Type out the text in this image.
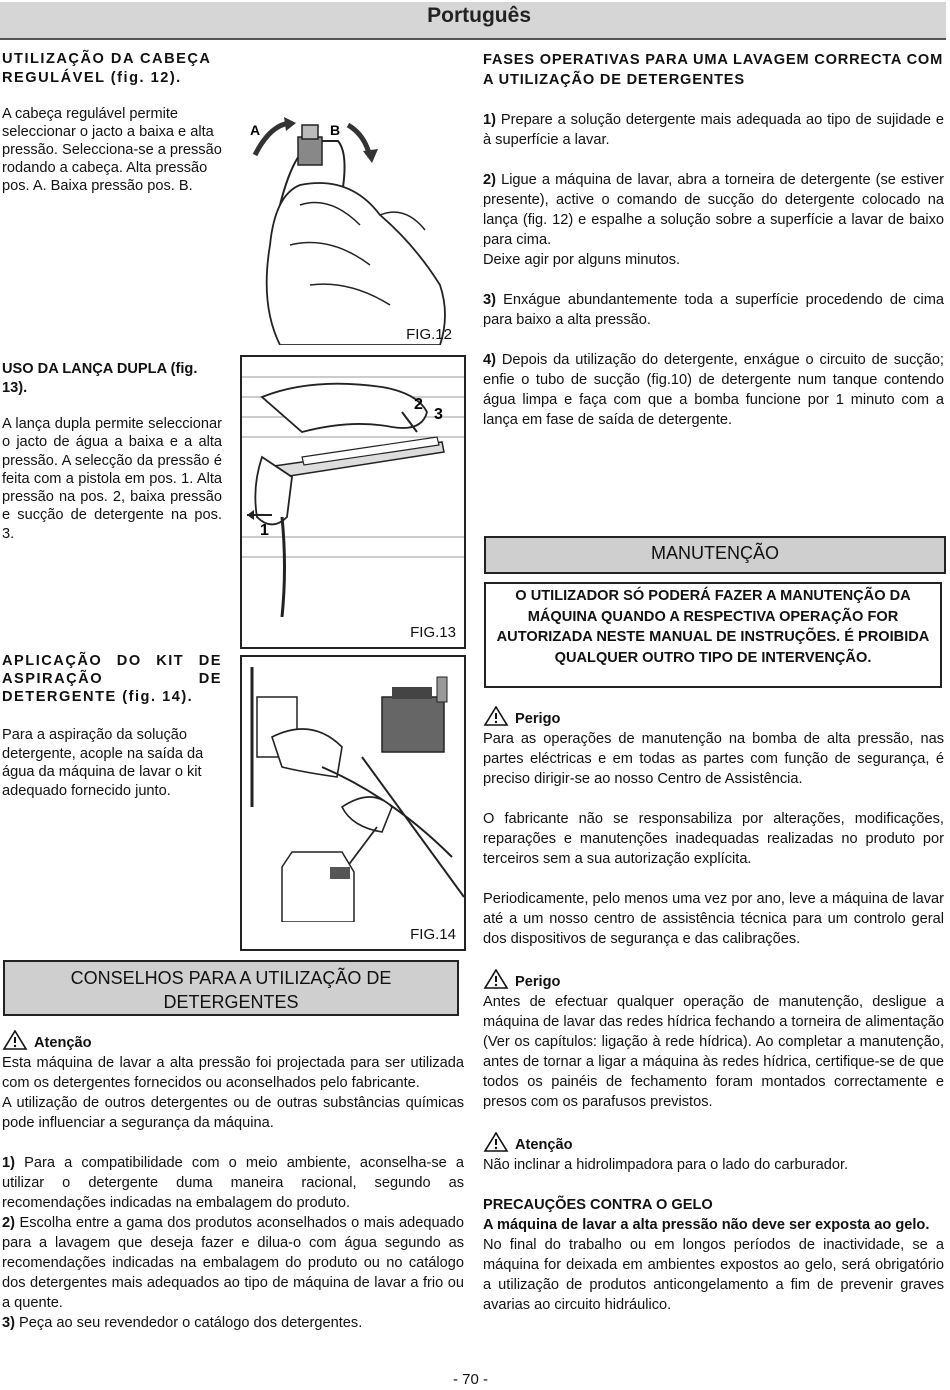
Português
UTILIZAÇÃO DA CABEÇA REGULÁVEL (fig. 12).
A cabeça regulável permite seleccionar o jacto a baixa e alta pressão. Selecciona-se a pressão rodando a cabeça. Alta pressão pos. A. Baixa pressão pos. B.
USO DA LANÇA DUPLA (fig. 13).
A lança dupla permite seleccionar o jacto de água a baixa e a alta pressão. A selecção da pressão é feita com a pistola em pos. 1. Alta pressão na pos. 2, baixa pressão e sucção de detergente na pos. 3.
APLICAÇÃO DO KIT DE ASPIRAÇÃO DE DETERGENTE (fig. 14).
Para a aspiração da solução detergente, acople na saída da água da máquina de lavar o kit adequado fornecido junto.
A	B
FIG.12
1
2
3
FIG.13
FIG.14
CONSELHOS PARA A UTILIZAÇÃO DE DETERGENTES
Atenção

Esta máquina de lavar a alta pressão foi projectada para ser utilizada com os detergentes fornecidos ou aconselhados pelo fabricante.

A utilização de outros detergentes ou de outras substâncias químicas pode influenciar a segurança da máquina.

1) Para a compatibilidade com o meio ambiente, aconselha-se a utilizar o detergente duma maneira racional, segundo as recomendações indicadas na embalagem do produto.

2) Escolha entre a gama dos produtos aconselhados o mais adequado para a lavagem que deseja fazer e dilua-o com água segundo as recomendações indicadas na embalagem do produto ou no catálogo dos detergentes mais adequados ao tipo de máquina de lavar a frio ou a quente.

3) Peça ao seu revendedor o catálogo dos detergentes.

FASES OPERATIVAS PARA UMA LAVAGEM CORRECTA COM A UTILIZAÇÃO DE DETERGENTES

1) Prepare a solução detergente mais adequada ao tipo de sujidade e à superfície a lavar.

2) Ligue a máquina de lavar, abra a torneira de detergente (se estiver presente), active o comando de sucção do detergente colocado na lança (fig. 12) e espalhe a solução sobre a superfície a lavar de baixo para cima.

Deixe agir por alguns minutos.

3) Enxágue abundantemente toda a superfície procedendo de cima para baixo a alta pressão.

4) Depois da utilização do detergente, enxágue o circuito de sucção; enfie o tubo de sucção (fig.10) de detergente num tanque contendo água limpa e faça com que a bomba funcione por 1 minuto com a lança em fase de saída de detergente.

MANUTENÇÃO
O UTILIZADOR SÓ PODERÁ FAZER A MANUTENÇÃO DA MÁQUINA QUANDO A RESPECTIVA OPERAÇÃO FOR AUTORIZADA NESTE MANUAL DE INSTRUÇÕES. É PROIBIDA QUALQUER OUTRO TIPO DE INTERVENÇÃO.
Perigo

Para as operações de manutenção na bomba de alta pressão, nas partes eléctricas e em todas as partes com função de segurança, é preciso dirigir-se ao nosso Centro de Assistência.

O fabricante não se responsabiliza por alterações, modificações, reparações e manutenções inadequadas realizadas no produto por terceiros sem a sua autorização explícita.

Periodicamente, pelo menos uma vez por ano, leve a máquina de lavar até a um nosso centro de assistência técnica para um controlo geral dos dispositivos de segurança e das calibrações.

Perigo

Antes de efectuar qualquer operação de manutenção, desligue a máquina de lavar das redes hídrica fechando a torneira de alimentação (Ver os capítulos: ligação à rede hídrica). Ao completar a manutenção, antes de tornar a ligar a máquina às redes hídrica, certifique-se de que todos os painéis de fechamento foram montados correctamente e presos com os parafusos previstos.

Atenção

Não inclinar a hidrolimpadora para o lado do carburador.

PRECAUÇÕES CONTRA O GELO

A máquina de lavar a alta pressão não deve ser exposta ao gelo.

No final do trabalho ou em longos períodos de inactividade, se a máquina for deixada em ambientes expostos ao gelo, será obrigatório a utilização de produtos anticongelamento a fim de prevenir graves avarias ao circuito hidráulico.

- 70 -
